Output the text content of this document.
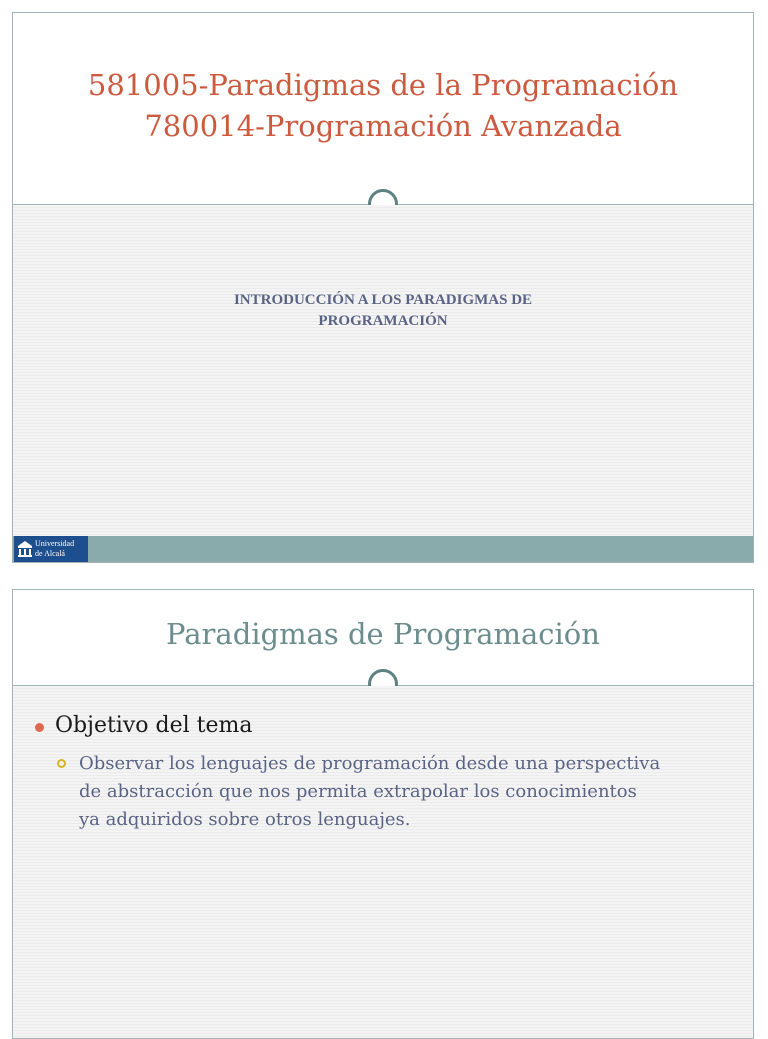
581005-Paradigmas de la Programación
780014-Programación Avanzada
INTRODUCCIÓN A LOS PARADIGMAS DE
PROGRAMACIÓN
Universidad
de Alcalá
Paradigmas de Programación
Objetivo del tema
Observar los lenguajes de programación desde una perspectiva
de abstracción que nos permita extrapolar los conocimientos
ya adquiridos sobre otros lenguajes.
